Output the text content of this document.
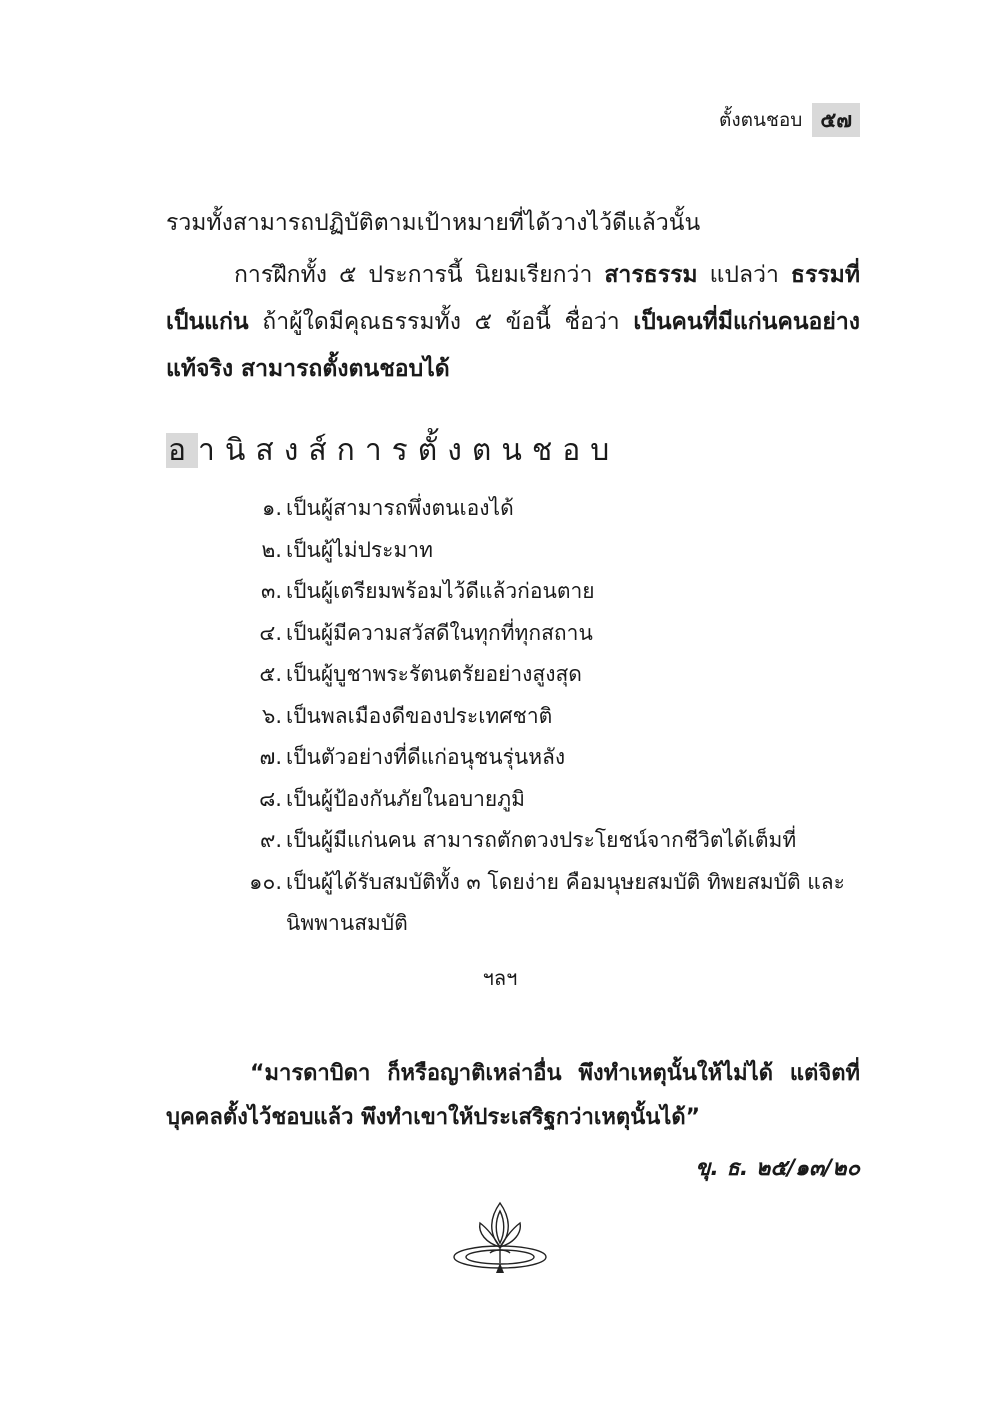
ตั้งตนชอบ ๕๗
รวมทั้งสามารถปฏิบัติตามเป้าหมายที่ได้วางไว้ดีแล้วนั้น
การฝึกทั้ง ๕ ประการนี้ นิยมเรียกว่า สารธรรม แปลว่า ธรรมที่เป็นแก่น ถ้าผู้ใดมีคุณธรรมทั้ง ๕ ข้อนี้ ชื่อว่า เป็นคนที่มีแก่นคนอย่างแท้จริง สามารถตั้งตนชอบได้
อานิสงส์การตั้งตนชอบ
๑. เป็นผู้สามารถพึ่งตนเองได้
๒. เป็นผู้ไม่ประมาท
๓. เป็นผู้เตรียมพร้อมไว้ดีแล้วก่อนตาย
๔. เป็นผู้มีความสวัสดีในทุกที่ทุกสถาน
๕. เป็นผู้บูชาพระรัตนตรัยอย่างสูงสุด
๖. เป็นพลเมืองดีของประเทศชาติ
๗. เป็นตัวอย่างที่ดีแก่อนุชนรุ่นหลัง
๘. เป็นผู้ป้องกันภัยในอบายภูมิ
๙. เป็นผู้มีแก่นคน สามารถตักตวงประโยชน์จากชีวิตได้เต็มที่
๑๐. เป็นผู้ได้รับสมบัติทั้ง ๓ โดยง่าย คือมนุษยสมบัติ ทิพยสมบัติ และนิพพานสมบัติ
ฯลฯ
“มารดาบิดา ก็หรือญาติเหล่าอื่น พึงทำเหตุนั้นให้ไม่ได้ แต่จิตที่บุคคลตั้งไว้ชอบแล้ว พึงทำเขาให้ประเสริฐกว่าเหตุนั้นได้”
ขุ. ธ. ๒๕/๑๓/๒๐
